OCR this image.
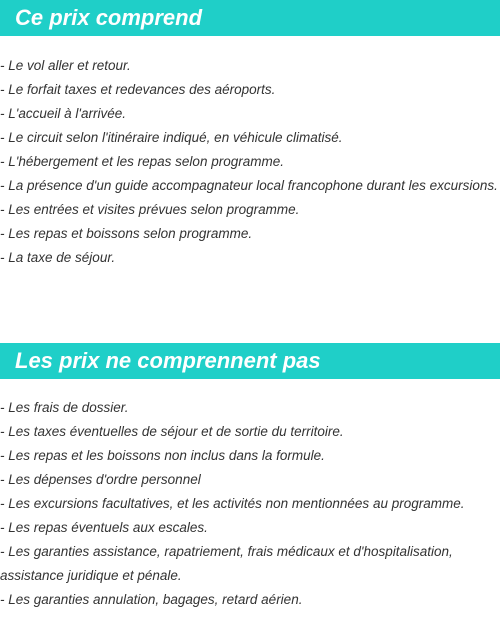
Ce prix comprend
- Le vol aller et retour.
- Le forfait taxes et redevances des aéroports.
- L'accueil à l'arrivée.
- Le circuit selon l'itinéraire indiqué, en véhicule climatisé.
- L'hébergement et les repas selon programme.
- La présence d'un guide accompagnateur local francophone durant les excursions.
- Les entrées et visites prévues selon programme.
- Les repas et boissons selon programme.
- La taxe de séjour.
Les prix ne comprennent pas
- Les frais de dossier.
- Les taxes éventuelles de séjour et de sortie du territoire.
- Les repas et les boissons non inclus dans la formule.
- Les dépenses d'ordre personnel
- Les excursions facultatives, et les activités non mentionnées au programme.
- Les repas éventuels aux escales.
- Les garanties assistance, rapatriement, frais médicaux et d'hospitalisation, assistance juridique et pénale.
- Les garanties annulation, bagages, retard aérien.
